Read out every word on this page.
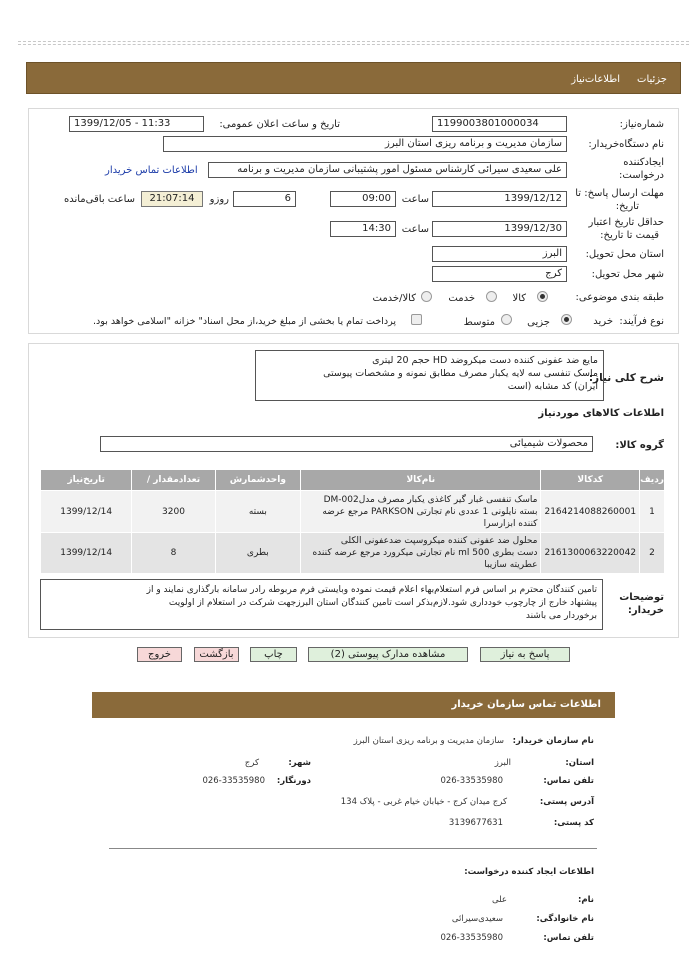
جزئیات
اطلاعات‌نیاز
شماره‌نیاز:
1199003801000034
تاریخ و ساعت اعلان عمومی:
1399/12/05 - 11:33
نام دستگاه‌خریدار:
سازمان مدیریت و برنامه ریزی استان البرز
ایجادکننده
درخواست:
علی سعیدی سیرائی کارشناس مسئول امور پشتیبانی سازمان مدیریت و برنامه
اطلاعات تماس خریدار
مهلت ارسال پاسخ: تا
تاریخ:
1399/12/12
ساعت
09:00
6
روزو
21:07:14
ساعت باقی‌مانده
حداقل تاریخ اعتبار
قیمت تا تاریخ:
1399/12/30
ساعت
14:30
استان محل تحویل:
البرز
شهر محل تحویل:
کرج
طبقه بندی موضوعی:
کالا
خدمت
کالا/خدمت
نوع فرآیند:
خرید
جزیی
متوسط
پرداخت تمام یا بخشی از مبلغ خرید،از محل اسناد" خزانه "اسلامی خواهد بود.
شرح کلی نیاز:
مایع ضد عفونی کننده دست میکروضد HD حجم 20 لیتری
ماسک تنفسی سه لایه یکبار مصرف مطابق نمونه و مشخصات پیوستی
ایران) کد مشابه (است
اطلاعات کالاهای موردنیاز
گروه کالا:
محصولات شیمیائی
ردیف	کدکالا	نام‌کالا	واحدشمارش	تعدادمقدار /	تاریخ‌نیاز
1	2164214088260001	ماسک تنفسی غبار گیر کاغذی یکبار مصرف مدلDM-002
بسته نایلونی 1 عددی نام تجارتی PARKSON مرجع عرضه
کننده ابزارسرا	بسته	3200	1399/12/14
2	2161300063220042	محلول ضد عفونی کننده میکروسپت ضدعفونی الکلی
دست بطری ml 500 نام تجارتی میکرورد مرجع عرضه کننده
عطریته سازیبا	بطری	8	1399/12/14
توضیحات
خریدار:
تامین کنندگان محترم بر اساس فرم استعلام‌بهاء اعلام قیمت نموده وبایستی فرم مربوطه رادر سامانه بارگذاری نمایند و از
پیشنهاد خارج از چارچوب خودداری شود.لازم‌بذکر است تامین کنندگان استان البرزجهت شرکت در استعلام از اولویت
برخوردار می باشند
پاسخ به نیاز
مشاهده مدارک پیوستی (2)
چاپ
بازگشت
خروج
اطلاعات تماس سازمان خریدار
نام سازمان خریدار:
سازمان مدیریت و برنامه ریزی استان البرز
استان:
البرز
شهر:
کرج
تلفن تماس:
026-33535980
دورنگار:
026-33535980
آدرس پستی:
کرج میدان‌ کرج - خیابان خیام غربی - پلاک 134
کد پستی:
3139677631
اطلاعات ایجاد کننده درخواست:
نام:
علی
نام خانوادگی:
سعیدی‌سیرائی
تلفن تماس:
026-33535980
